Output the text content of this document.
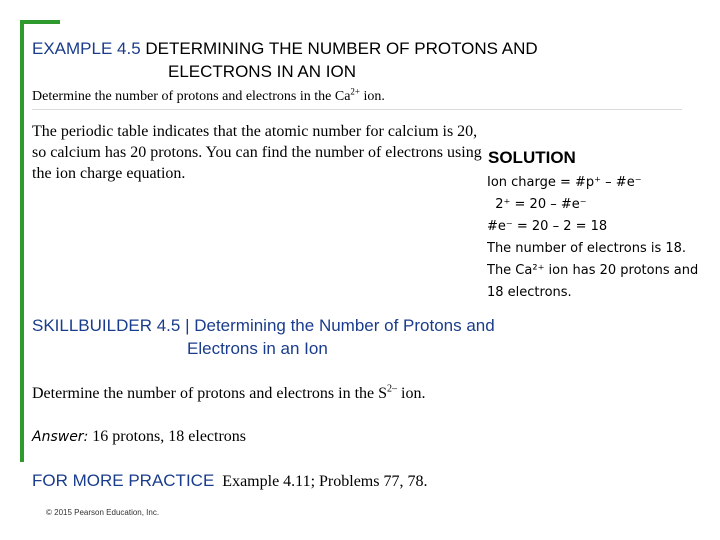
EXAMPLE 4.5 DETERMINING THE NUMBER OF PROTONS AND
ELECTRONS IN AN ION
Determine the number of protons and electrons in the $Ca^{2+}$ ion.
The periodic table indicates that the atomic number for calcium is 20, so calcium has 20 protons. You can find the number of electrons using the ion charge equation.
SOLUTION
Ion charge = #p⁺ – #e⁻
2⁺ = 20 – #e⁻
#e⁻ = 20 – 2 = 18
The number of electrons is 18.
The Ca²⁺ ion has 20 protons and
18 electrons.
SKILLBUILDER 4.5 | Determining the Number of Protons and
Electrons in an Ion
Determine the number of protons and electrons in the $S^{2-}$ ion.
Answer: 16 protons, 18 electrons
FOR MORE PRACTICE Example 4.11; Problems 77, 78.
© 2015 Pearson Education, Inc.
